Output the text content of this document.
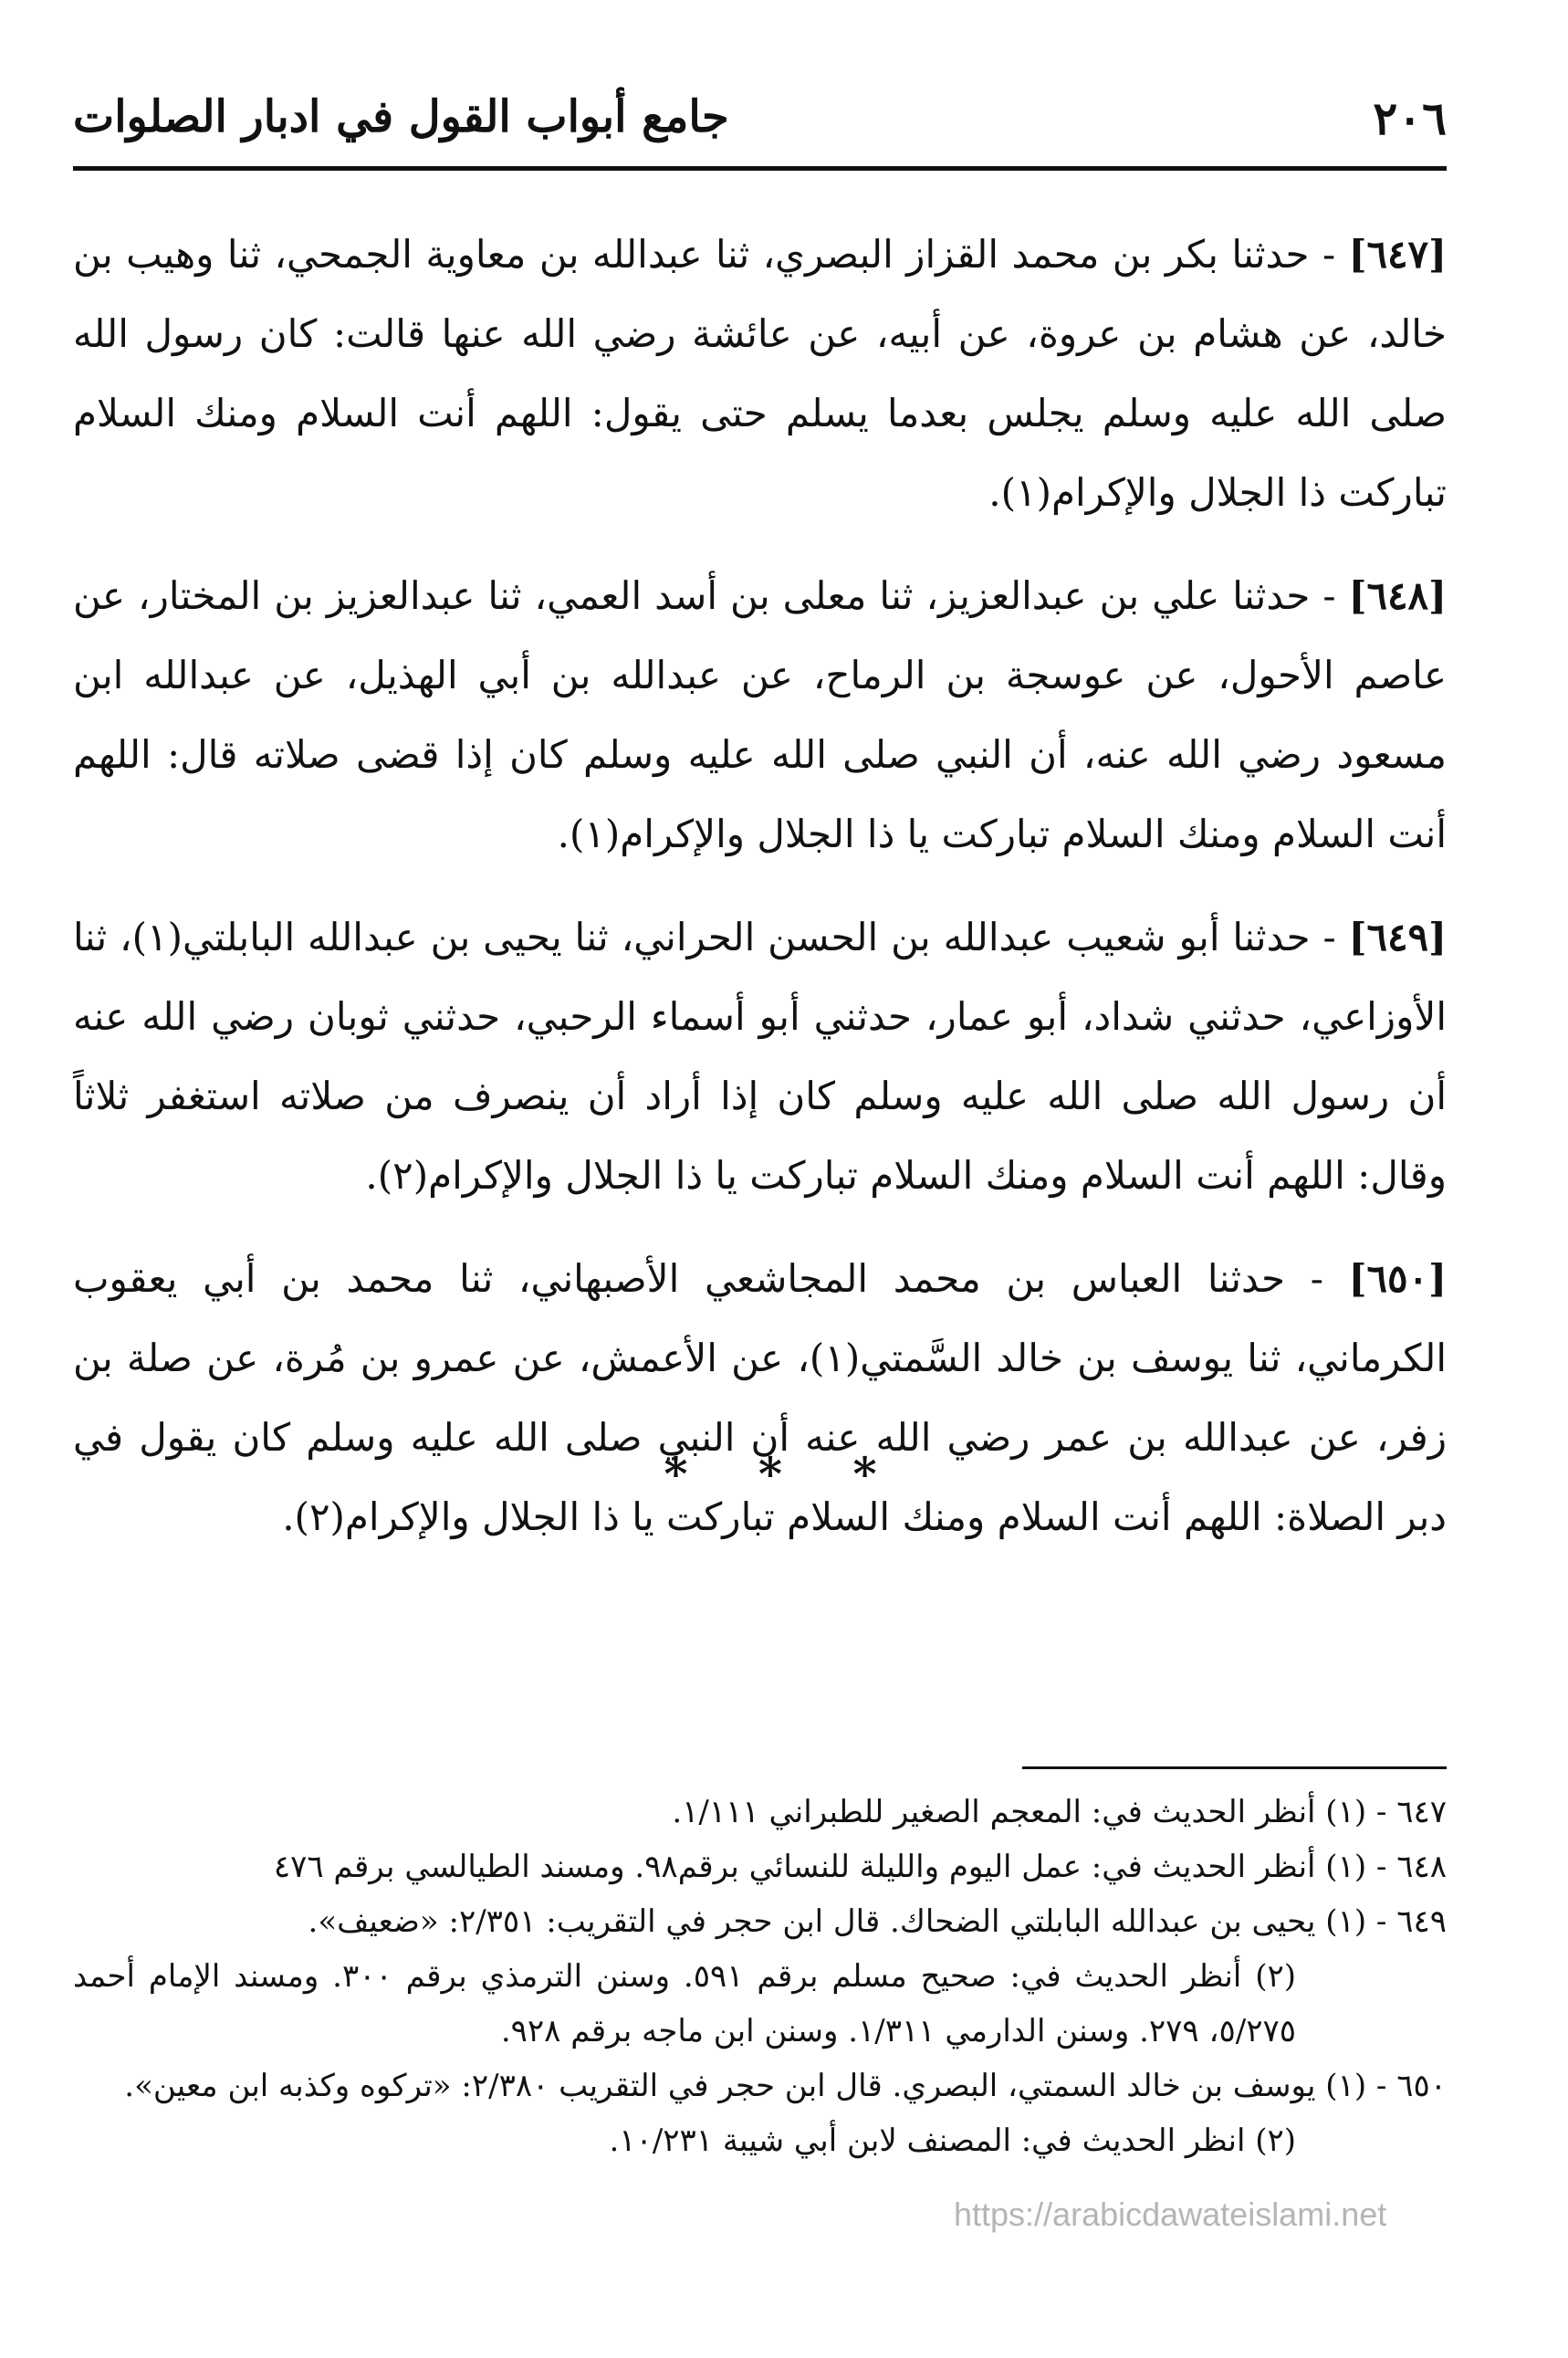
٢٠٦
جامع أبواب القول في ادبار الصلوات

[٦٤٧] - حدثنا بكر بن محمد القزاز البصري، ثنا عبدالله بن معاوية الجمحي، ثنا وهيب بن خالد، عن هشام بن عروة، عن أبيه، عن عائشة رضي الله عنها قالت: كان رسول الله صلى الله عليه وسلم يجلس بعدما يسلم حتى يقول: اللهم أنت السلام ومنك السلام تباركت ذا الجلال والإكرام(١).

[٦٤٨] - حدثنا علي بن عبدالعزيز، ثنا معلى بن أسد العمي، ثنا عبدالعزيز بن المختار، عن عاصم الأحول، عن عوسجة بن الرماح، عن عبدالله بن أبي الهذيل، عن عبدالله ابن مسعود رضي الله عنه، أن النبي صلى الله عليه وسلم كان إذا قضى صلاته قال: اللهم أنت السلام ومنك السلام تباركت يا ذا الجلال والإكرام(١).

[٦٤٩] - حدثنا أبو شعيب عبدالله بن الحسن الحراني، ثنا يحيى بن عبدالله البابلتي(١)، ثنا الأوزاعي، حدثني شداد، أبو عمار، حدثني أبو أسماء الرحبي، حدثني ثوبان رضي الله عنه أن رسول الله صلى الله عليه وسلم كان إذا أراد أن ينصرف من صلاته استغفر ثلاثاً وقال: اللهم أنت السلام ومنك السلام تباركت يا ذا الجلال والإكرام(٢).

[٦٥٠] - حدثنا العباس بن محمد المجاشعي الأصبهاني، ثنا محمد بن أبي يعقوب الكرماني، ثنا يوسف بن خالد السَّمتي(١)، عن الأعمش، عن عمرو بن مُرة، عن صلة بن زفر، عن عبدالله بن عمر رضي الله عنه أن النبي صلى الله عليه وسلم كان يقول في دبر الصلاة: اللهم أنت السلام ومنك السلام تباركت يا ذا الجلال والإكرام(٢).

* * *
٦٤٧ - (١) أنظر الحديث في: المعجم الصغير للطبراني ١/١١١.
٦٤٨ - (١) أنظر الحديث في: عمل اليوم والليلة للنسائي برقم٩٨. ومسند الطيالسي برقم ٤٧٦
٦٤٩ - (١) يحيى بن عبدالله البابلتي الضحاك. قال ابن حجر في التقريب: ٢/٣٥١: «ضعيف».
(٢) أنظر الحديث في: صحيح مسلم برقم ٥٩١. وسنن الترمذي برقم ٣٠٠. ومسند الإمام أحمد ٥/٢٧٥، ٢٧٩. وسنن الدارمي ١/٣١١. وسنن ابن ماجه برقم ٩٢٨.
٦٥٠ - (١) يوسف بن خالد السمتي، البصري. قال ابن حجر في التقريب ٢/٣٨٠: «تركوه وكذبه ابن معين».
(٢) انظر الحديث في: المصنف لابن أبي شيبة ١٠/٢٣١.
https://arabicdawateislami.net
